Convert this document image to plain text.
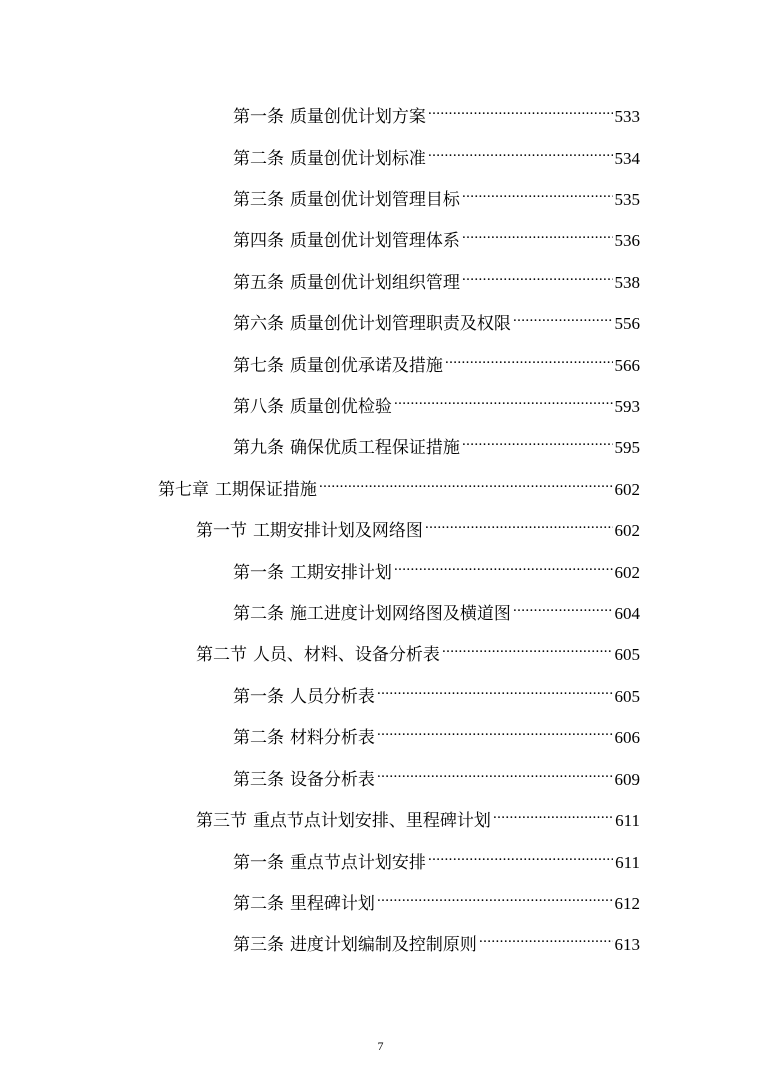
第一条 质量创优计划方案 .....	533
第二条 质量创优计划标准 .....	534
第三条 质量创优计划管理目标 .....	535
第四条 质量创优计划管理体系 .....	536
第五条 质量创优计划组织管理 .....	538
第六条 质量创优计划管理职责及权限 .....	556
第七条 质量创优承诺及措施 .....	566
第八条 质量创优检验 .....	593
第九条 确保优质工程保证措施 .....	595
第七章 工期保证措施 .....	602
第一节 工期安排计划及网络图 .....	602
第一条 工期安排计划 .....	602
第二条 施工进度计划网络图及横道图 .....	604
第二节 人员、材料、设备分析表 .....	605
第一条 人员分析表 .....	605
第二条 材料分析表 .....	606
第三条 设备分析表 .....	609
第三节 重点节点计划安排、里程碑计划 .....	611
第一条 重点节点计划安排 .....	611
第二条 里程碑计划 .....	612
第三条 进度计划编制及控制原则 .....	613
7
